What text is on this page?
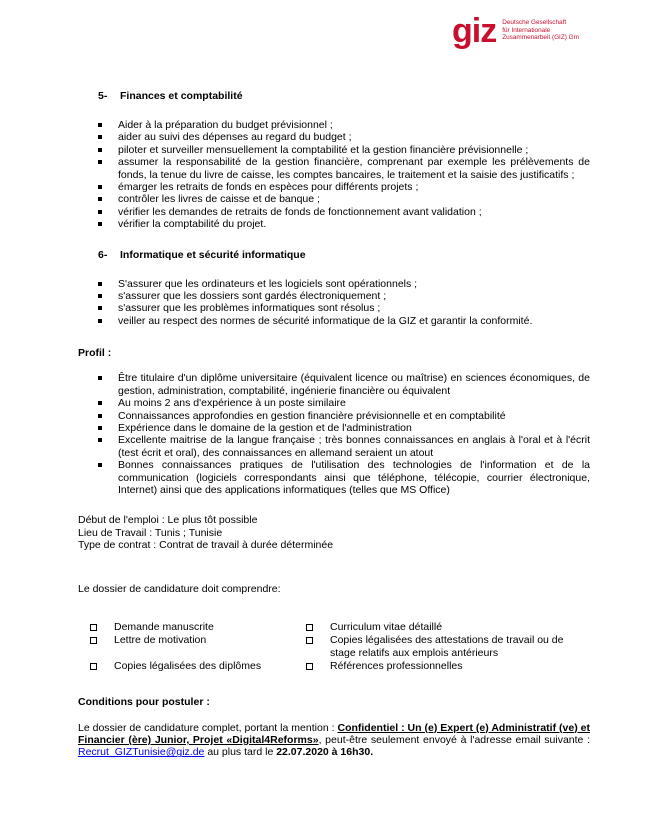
giz Deutsche Gesellschaft
für Internationale
Zusammenarbeit (GIZ) Gm
5- Finances et comptabilité
Aider à la préparation du budget prévisionnel ;
aider au suivi des dépenses au regard du budget ;
piloter et surveiller mensuellement la comptabilité et la gestion financière prévisionnelle ;
assumer la responsabilité de la gestion financière, comprenant par exemple les prélèvements de fonds, la tenue du livre de caisse, les comptes bancaires, le traitement et la saisie des justificatifs ;
émarger les retraits de fonds en espèces pour différents projets ;
contrôler les livres de caisse et de banque ;
vérifier les demandes de retraits de fonds de fonctionnement avant validation ;
vérifier la comptabilité du projet.
6- Informatique et sécurité informatique
S'assurer que les ordinateurs et les logiciels sont opérationnels ;
s'assurer que les dossiers sont gardés électroniquement ;
s'assurer que les problèmes informatiques sont résolus ;
veiller au respect des normes de sécurité informatique de la GIZ et garantir la conformité.
Profil :
Être titulaire d'un diplôme universitaire (équivalent licence ou maîtrise) en sciences économiques, de gestion, administration, comptabilité, ingénierie financière ou équivalent
Au moins 2 ans d'expérience à un poste similaire
Connaissances approfondies en gestion financière prévisionnelle et en comptabilité
Expérience dans le domaine de la gestion et de l'administration
Excellente maitrise de la langue française ; très bonnes connaissances en anglais à l'oral et à l'écrit (test écrit et oral), des connaissances en allemand seraient un atout
Bonnes connaissances pratiques de l'utilisation des technologies de l'information et de la communication (logiciels correspondants ainsi que téléphone, télécopie, courrier électronique, Internet) ainsi que des applications informatiques (telles que MS Office)
Début de l'emploi : Le plus tôt possible
Lieu de Travail : Tunis ; Tunisie
Type de contrat : Contrat de travail à durée déterminée
Le dossier de candidature doit comprendre:
Demande manuscrite	Curriculum vitae détaillé
Lettre de motivation	Copies légalisées des attestations de travail ou de stage relatifs aux emplois antérieurs
Copies légalisées des diplômes	Références professionnelles
Conditions pour postuler :
Le dossier de candidature complet, portant la mention : Confidentiel : Un (e) Expert (e) Administratif (ve) et Financier (ère) Junior, Projet «Digital4Reforms», peut-être seulement envoyé à l'adresse email suivante : Recrut_GIZTunisie@giz.de au plus tard le 22.07.2020 à 16h30.
